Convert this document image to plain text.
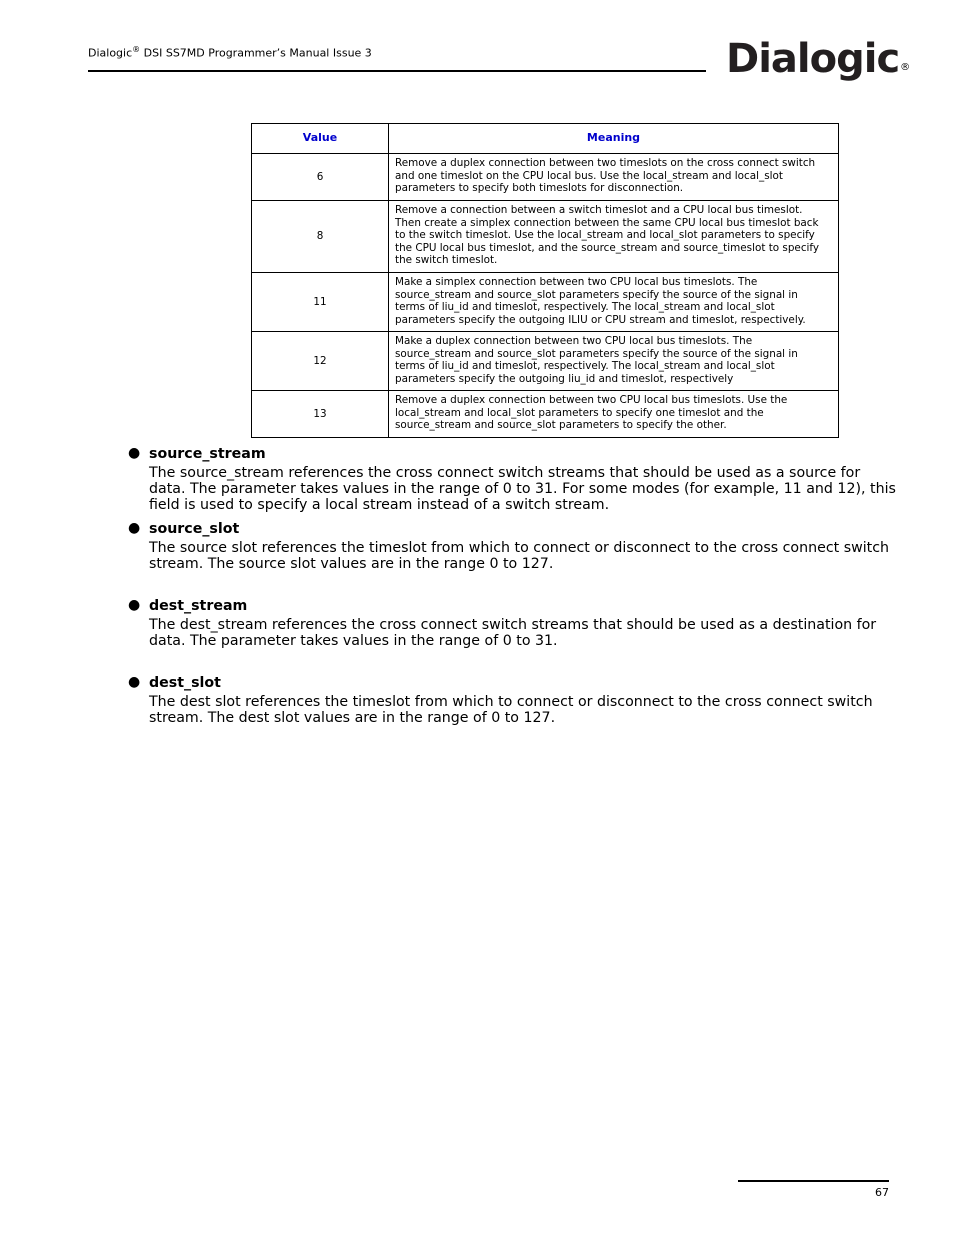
Dialogic® DSI SS7MD Programmer’s Manual Issue 3	Dialogic®
Value	Meaning
6	Remove a duplex connection between two timeslots on the cross connect switch and one timeslot on the CPU local bus. Use the local_stream and local_slot parameters to specify both timeslots for disconnection.
8	Remove a connection between a switch timeslot and a CPU local bus timeslot. Then create a simplex connection between the same CPU local bus timeslot back to the switch timeslot. Use the local_stream and local_slot parameters to specify the CPU local bus timeslot, and the source_stream and source_timeslot to specify the switch timeslot.
11	Make a simplex connection between two CPU local bus timeslots. The source_stream and source_slot parameters specify the source of the signal in terms of liu_id and timeslot, respectively. The local_stream and local_slot parameters specify the outgoing ILIU or CPU stream and timeslot, respectively.
12	Make a duplex connection between two CPU local bus timeslots. The source_stream and source_slot parameters specify the source of the signal in terms of liu_id and timeslot, respectively. The local_stream and local_slot parameters specify the outgoing liu_id and timeslot, respectively
13	Remove a duplex connection between two CPU local bus timeslots. Use the local_stream and local_slot parameters to specify one timeslot and the source_stream and source_slot parameters to specify the other.
● source_stream
The source_stream references the cross connect switch streams that should be used as a source for data. The parameter takes values in the range of 0 to 31. For some modes (for example, 11 and 12), this field is used to specify a local stream instead of a switch stream.
● source_slot
The source slot references the timeslot from which to connect or disconnect to the cross connect switch stream. The source slot values are in the range 0 to 127.
● dest_stream
The dest_stream references the cross connect switch streams that should be used as a destination for data. The parameter takes values in the range of 0 to 31.
● dest_slot
The dest slot references the timeslot from which to connect or disconnect to the cross connect switch stream. The dest slot values are in the range of 0 to 127.
67
